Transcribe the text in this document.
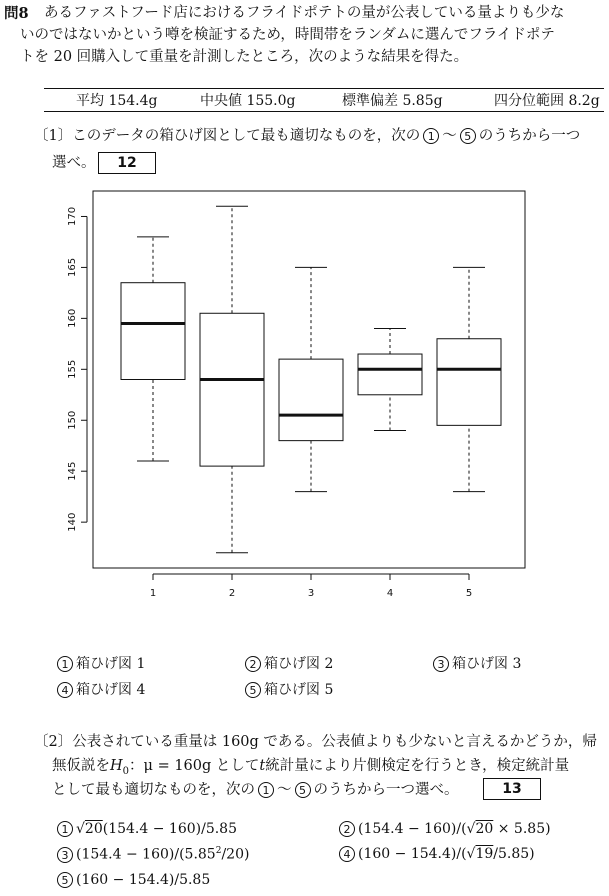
問8 あるファストフード店におけるフライドポテトの量が公表している量よりも少な
いのではないかという噂を検証するため，時間帯をランダムに選んでフライドポテ
トを 20 回購入して重量を計測したところ，次のような結果を得た。
平均 154.4g	中央値 155.0g	標準偏差 5.85g	四分位範囲 8.2g
〔1〕このデータの箱ひげ図として最も適切なものを，次の 1 〜 5 のうちから一つ
選べ。	12
140
145
150
155
160
165
170
1	2	3	4	5
1 箱ひげ図 1	2 箱ひげ図 2	3 箱ひげ図 3
4 箱ひげ図 4	5 箱ひげ図 5
〔2〕公表されている重量は 160g である。公表値よりも少ないと言えるかどうか，帰
無仮説を$H_0$：μ = 160g としてt統計量により片側検定を行うとき，検定統計量
として最も適切なものを，次の 1 〜 5 のうちから一つ選べ。	13
1 √20(154.4 − 160)/5.85	2 (154.4 − 160)/(√20 × 5.85)
3 $(154.4 - 160)/(5.85^2/20)$	4 (160 − 154.4)/(√19/5.85)
5 (160 − 154.4)/5.85
